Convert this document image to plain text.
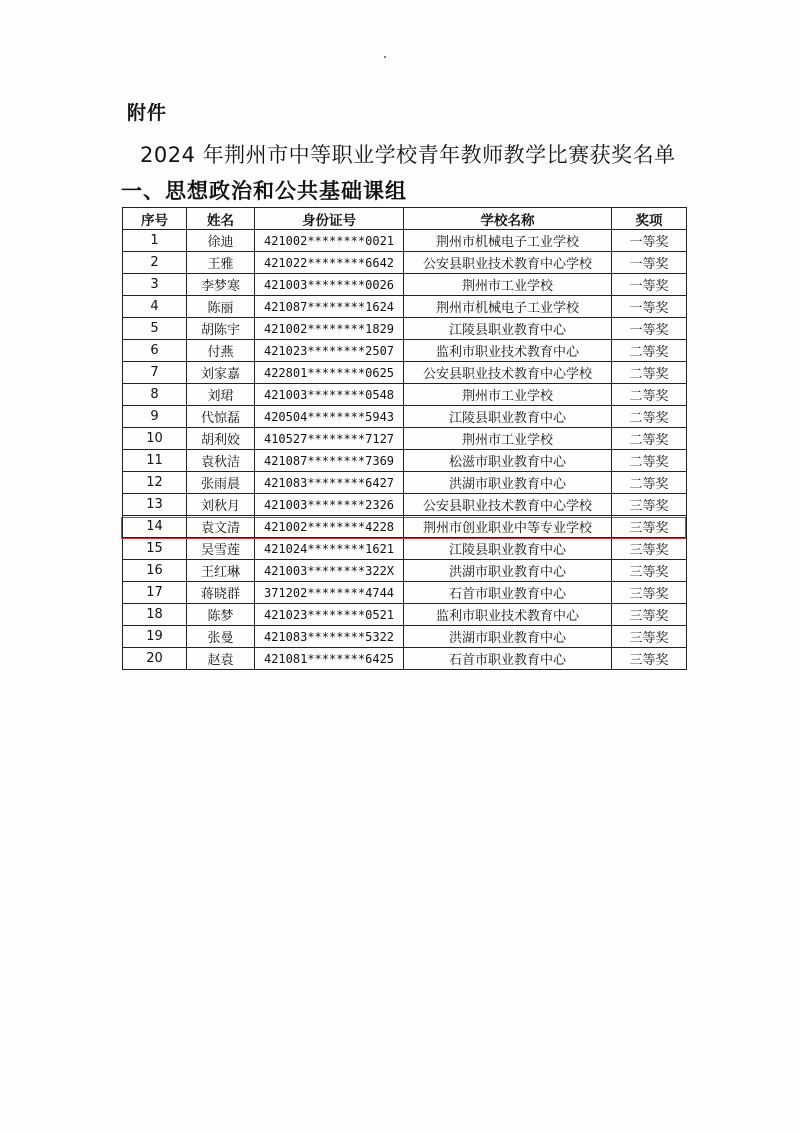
附件
2024 年荆州市中等职业学校青年教师教学比赛获奖名单
一、思想政治和公共基础课组
序号	姓名	身份证号	学校名称	奖项
1	徐迪	421002********0021	荆州市机械电子工业学校	一等奖
2	王雅	421022********6642	公安县职业技术教育中心学校	一等奖
3	李梦寒	421003********0026	荆州市工业学校	一等奖
4	陈丽	421087********1624	荆州市机械电子工业学校	一等奖
5	胡陈宇	421002********1829	江陵县职业教育中心	一等奖
6	付燕	421023********2507	监利市职业技术教育中心	二等奖
7	刘家嘉	422801********0625	公安县职业技术教育中心学校	二等奖
8	刘珺	421003********0548	荆州市工业学校	二等奖
9	代惊磊	420504********5943	江陵县职业教育中心	二等奖
10	胡利姣	410527********7127	荆州市工业学校	二等奖
11	袁秋洁	421087********7369	松滋市职业教育中心	二等奖
12	张雨晨	421083********6427	洪湖市职业教育中心	二等奖
13	刘秋月	421003********2326	公安县职业技术教育中心学校	三等奖
14	袁文清	421002********4228	荆州市创业职业中等专业学校	三等奖
15	吴雪莲	421024********1621	江陵县职业教育中心	三等奖
16	王红琳	421003********322X	洪湖市职业教育中心	三等奖
17	蒋晓群	371202********4744	石首市职业教育中心	三等奖
18	陈梦	421023********0521	监利市职业技术教育中心	三等奖
19	张曼	421083********5322	洪湖市职业教育中心	三等奖
20	赵袁	421081********6425	石首市职业教育中心	三等奖
